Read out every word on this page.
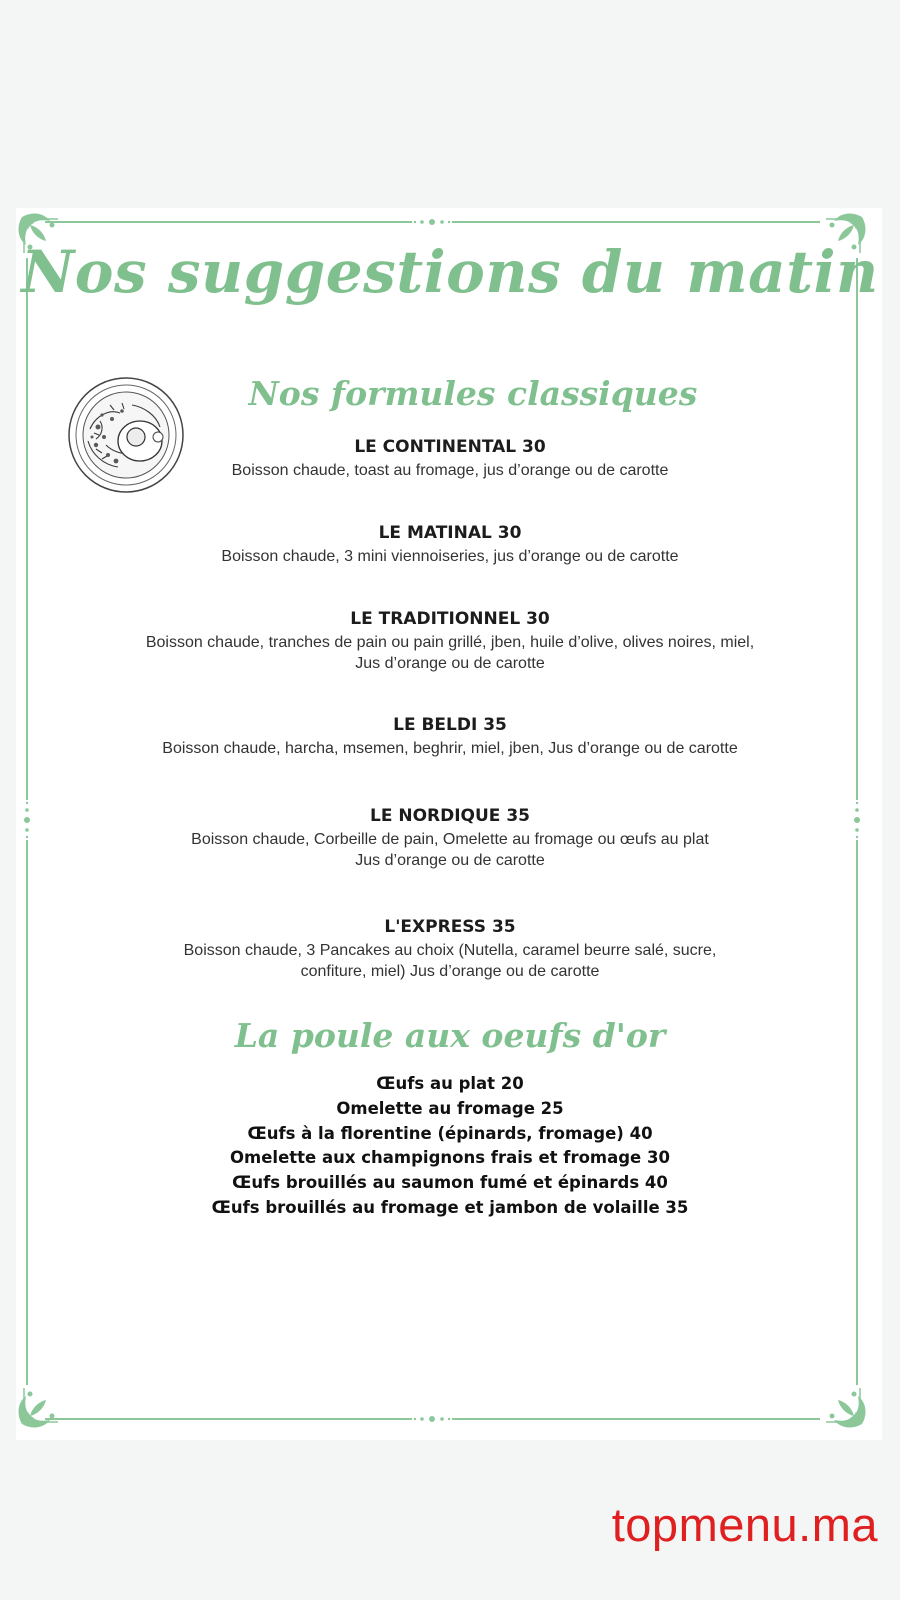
Nos suggestions du matin
Nos formules classiques
LE CONTINENTAL 30
Boisson chaude, toast au fromage, jus d’orange ou de carotte
LE MATINAL 30
Boisson chaude, 3 mini viennoiseries, jus d’orange ou de carotte
LE TRADITIONNEL 30
Boisson chaude, tranches de pain ou pain grillé, jben, huile d’olive, olives noires, miel,
Jus d’orange ou de carotte
LE BELDI 35
Boisson chaude, harcha, msemen, beghrir, miel, jben, Jus d’orange ou de carotte
LE NORDIQUE 35
Boisson chaude, Corbeille de pain, Omelette au fromage ou œufs au plat
Jus d’orange ou de carotte
L'EXPRESS 35
Boisson chaude, 3 Pancakes au choix (Nutella, caramel beurre salé, sucre,
confiture, miel) Jus d’orange ou de carotte
La poule aux oeufs d'or
Œufs au plat 20
Omelette au fromage 25
Œufs à la florentine (épinards, fromage) 40
Omelette aux champignons frais et fromage 30
Œufs brouillés au saumon fumé et épinards 40
Œufs brouillés au fromage et jambon de volaille 35
topmenu.ma
